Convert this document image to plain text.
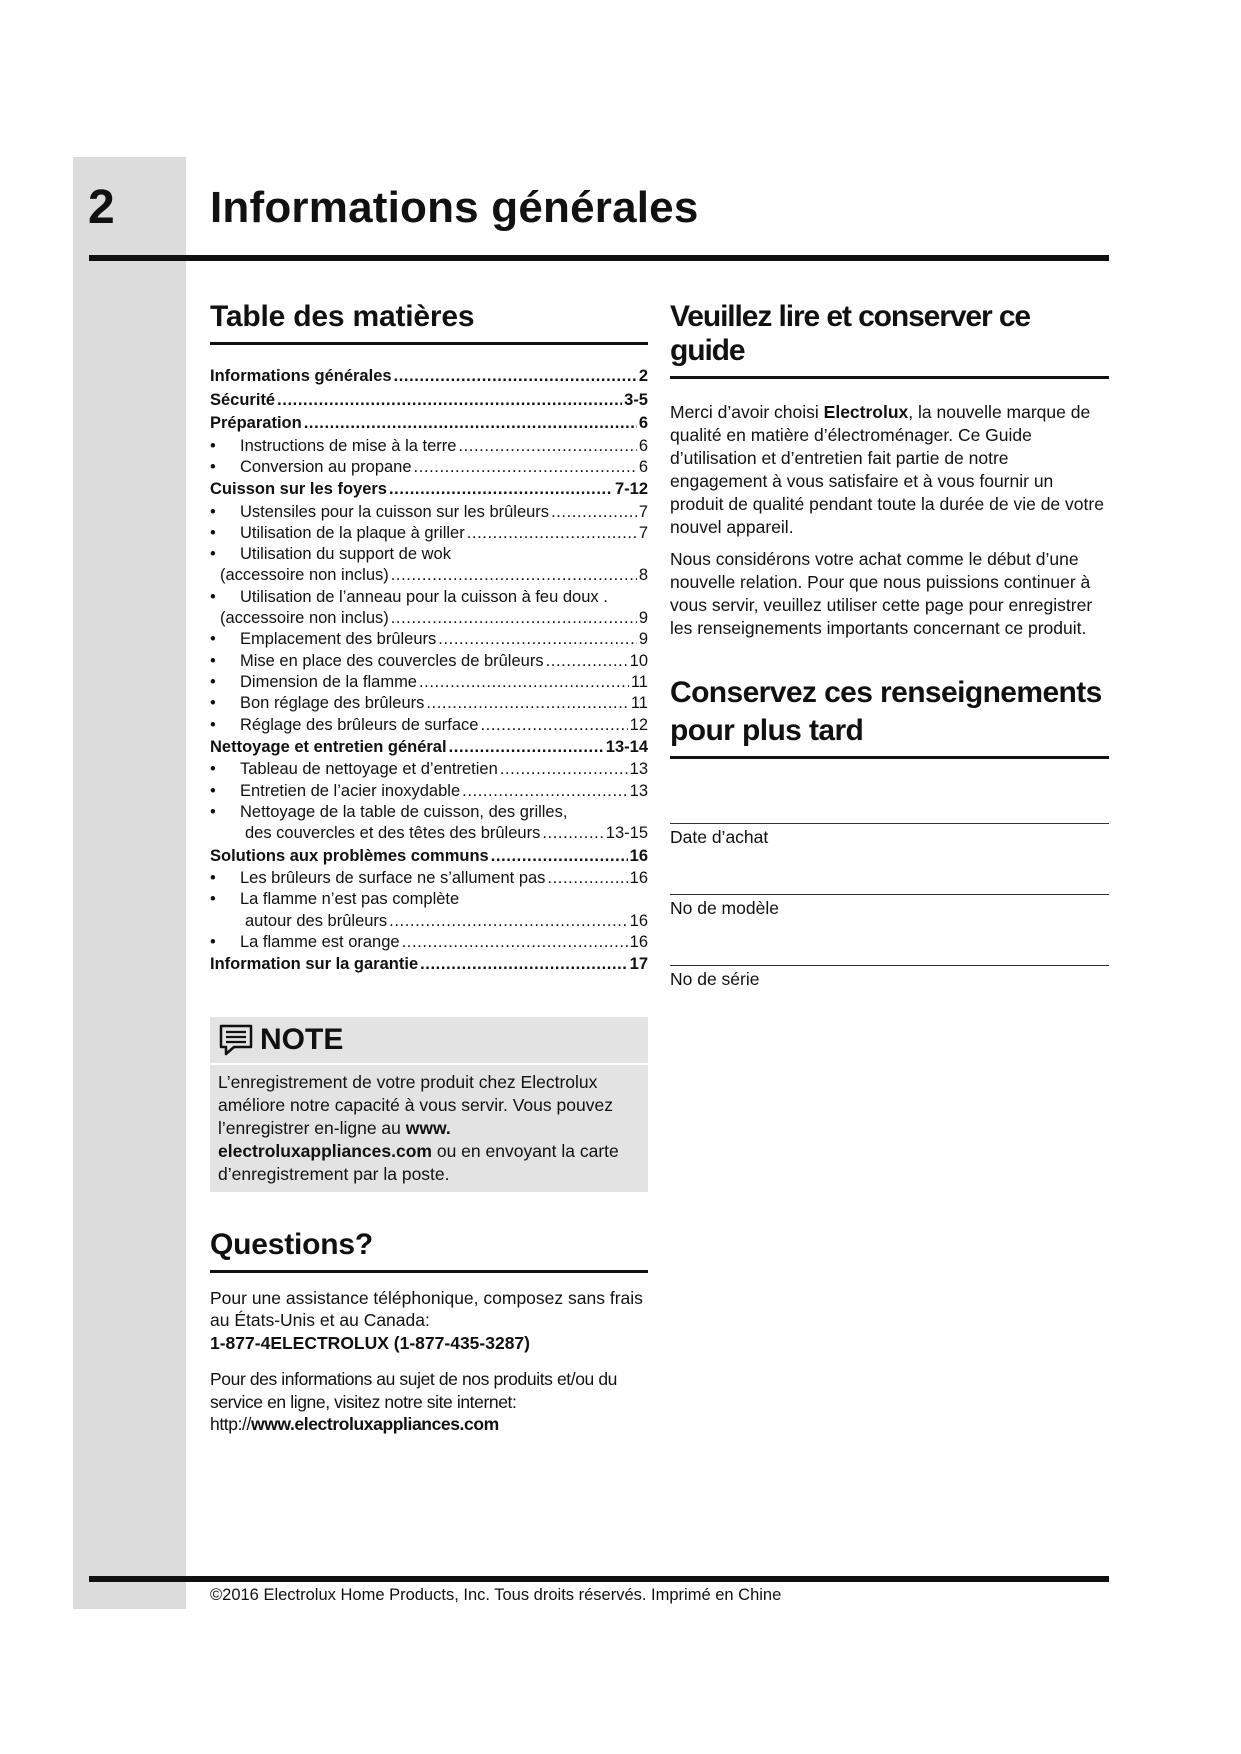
2 Informations générales
Table des matières
Informations générales .....	2
Sécurité .....	3-5
Préparation .....	6
•	Instructions de mise à la terre .....	6
•	Conversion au propane .....	6
Cuisson sur les foyers .....	7-12
•	Ustensiles pour la cuisson sur les brûleurs .....	7
•	Utilisation de la plaque à griller .....	7
•	Utilisation du support de wok
(accessoire non inclus) .....	8
•	Utilisation de l’anneau pour la cuisson à feu doux .
(accessoire non inclus) .....	9
•	Emplacement des brûleurs .....	9
•	Mise en place des couvercles de brûleurs .....	10
•	Dimension de la flamme .....	11
•	Bon réglage des brûleurs .....	11
•	Réglage des brûleurs de surface .....	12
Nettoyage et entretien général .....	13-14
•	Tableau de nettoyage et d’entretien .....	13
•	Entretien de l’acier inoxydable .....	13
•	Nettoyage de la table de cuisson, des grilles,
des couvercles et des têtes des brûleurs .....	13-15
Solutions aux problèmes communs .....	16
•	Les brûleurs de surface ne s’allument pas .....	16
•	La flamme n’est pas complète
autour des brûleurs .....	16
•	La flamme est orange .....	16
Information sur la garantie .....	17
NOTE
L’enregistrement de votre produit chez Electrolux améliore notre capacité à vous servir. Vous pouvez l’enregistrer en-ligne au www. electroluxappliances.com ou en envoyant la carte d’enregistrement par la poste.
Questions?
Pour une assistance téléphonique, composez sans frais au États-Unis et au Canada:
1-877-4ELECTROLUX (1-877-435-3287)
Pour des informations au sujet de nos produits et/ou du service en ligne, visitez notre site internet:
http://www.electroluxappliances.com
Veuillez lire et conserver ce guide

Merci d’avoir choisi Electrolux, la nouvelle marque de qualité en matière d’électroménager. Ce Guide d’utilisation et d’entretien fait partie de notre engagement à vous satisfaire et à vous fournir un produit de qualité pendant toute la durée de vie de votre nouvel appareil.

Nous considérons votre achat comme le début d’une nouvelle relation. Pour que nous puissions continuer à vous servir, veuillez utiliser cette page pour enregistrer les renseignements importants concernant ce produit.

Conservez ces renseignements pour plus tard
Date d’achat
No de modèle
No de série
©2016 Electrolux Home Products, Inc. Tous droits réservés. Imprimé en Chine
